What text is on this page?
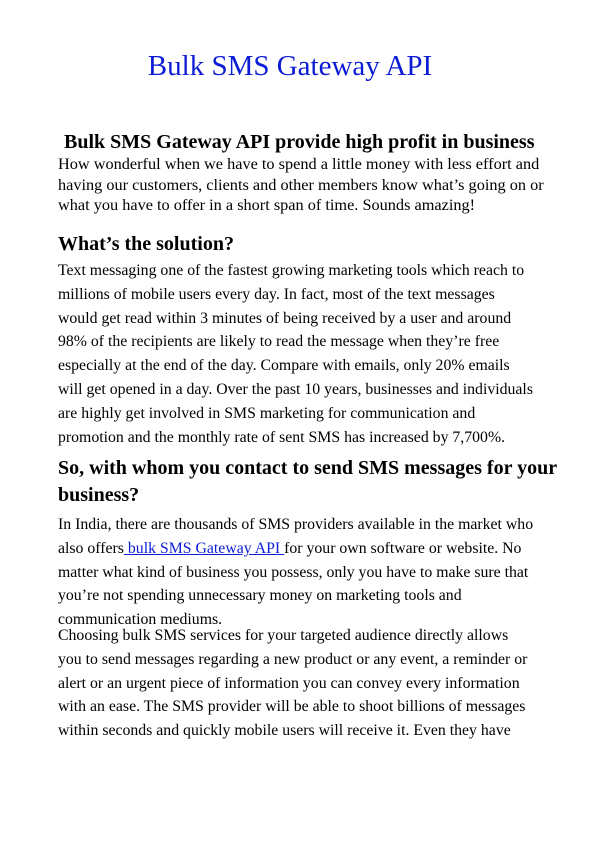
Bulk SMS Gateway API
Bulk SMS Gateway API provide high profit in business

How wonderful when we have to spend a little money with less effort and
having our customers, clients and other members know what’s going on or
what you have to offer in a short span of time. Sounds amazing!

What’s the solution?

Text messaging one of the fastest growing marketing tools which reach to
millions of mobile users every day. In fact, most of the text messages
would get read within 3 minutes of being received by a user and around
98% of the recipients are likely to read the message when they’re free
especially at the end of the day. Compare with emails, only 20% emails
will get opened in a day. Over the past 10 years, businesses and individuals
are highly get involved in SMS marketing for communication and
promotion and the monthly rate of sent SMS has increased by 7,700%.

So, with whom you contact to send SMS messages for your business?

In India, there are thousands of SMS providers available in the market who
also offers bulk SMS Gateway API for your own software or website. No
matter what kind of business you possess, only you have to make sure that
you’re not spending unnecessary money on marketing tools and
communication mediums.

Choosing bulk SMS services for your targeted audience directly allows
you to send messages regarding a new product or any event, a reminder or
alert or an urgent piece of information you can convey every information
with an ease. The SMS provider will be able to shoot billions of messages
within seconds and quickly mobile users will receive it. Even they have
